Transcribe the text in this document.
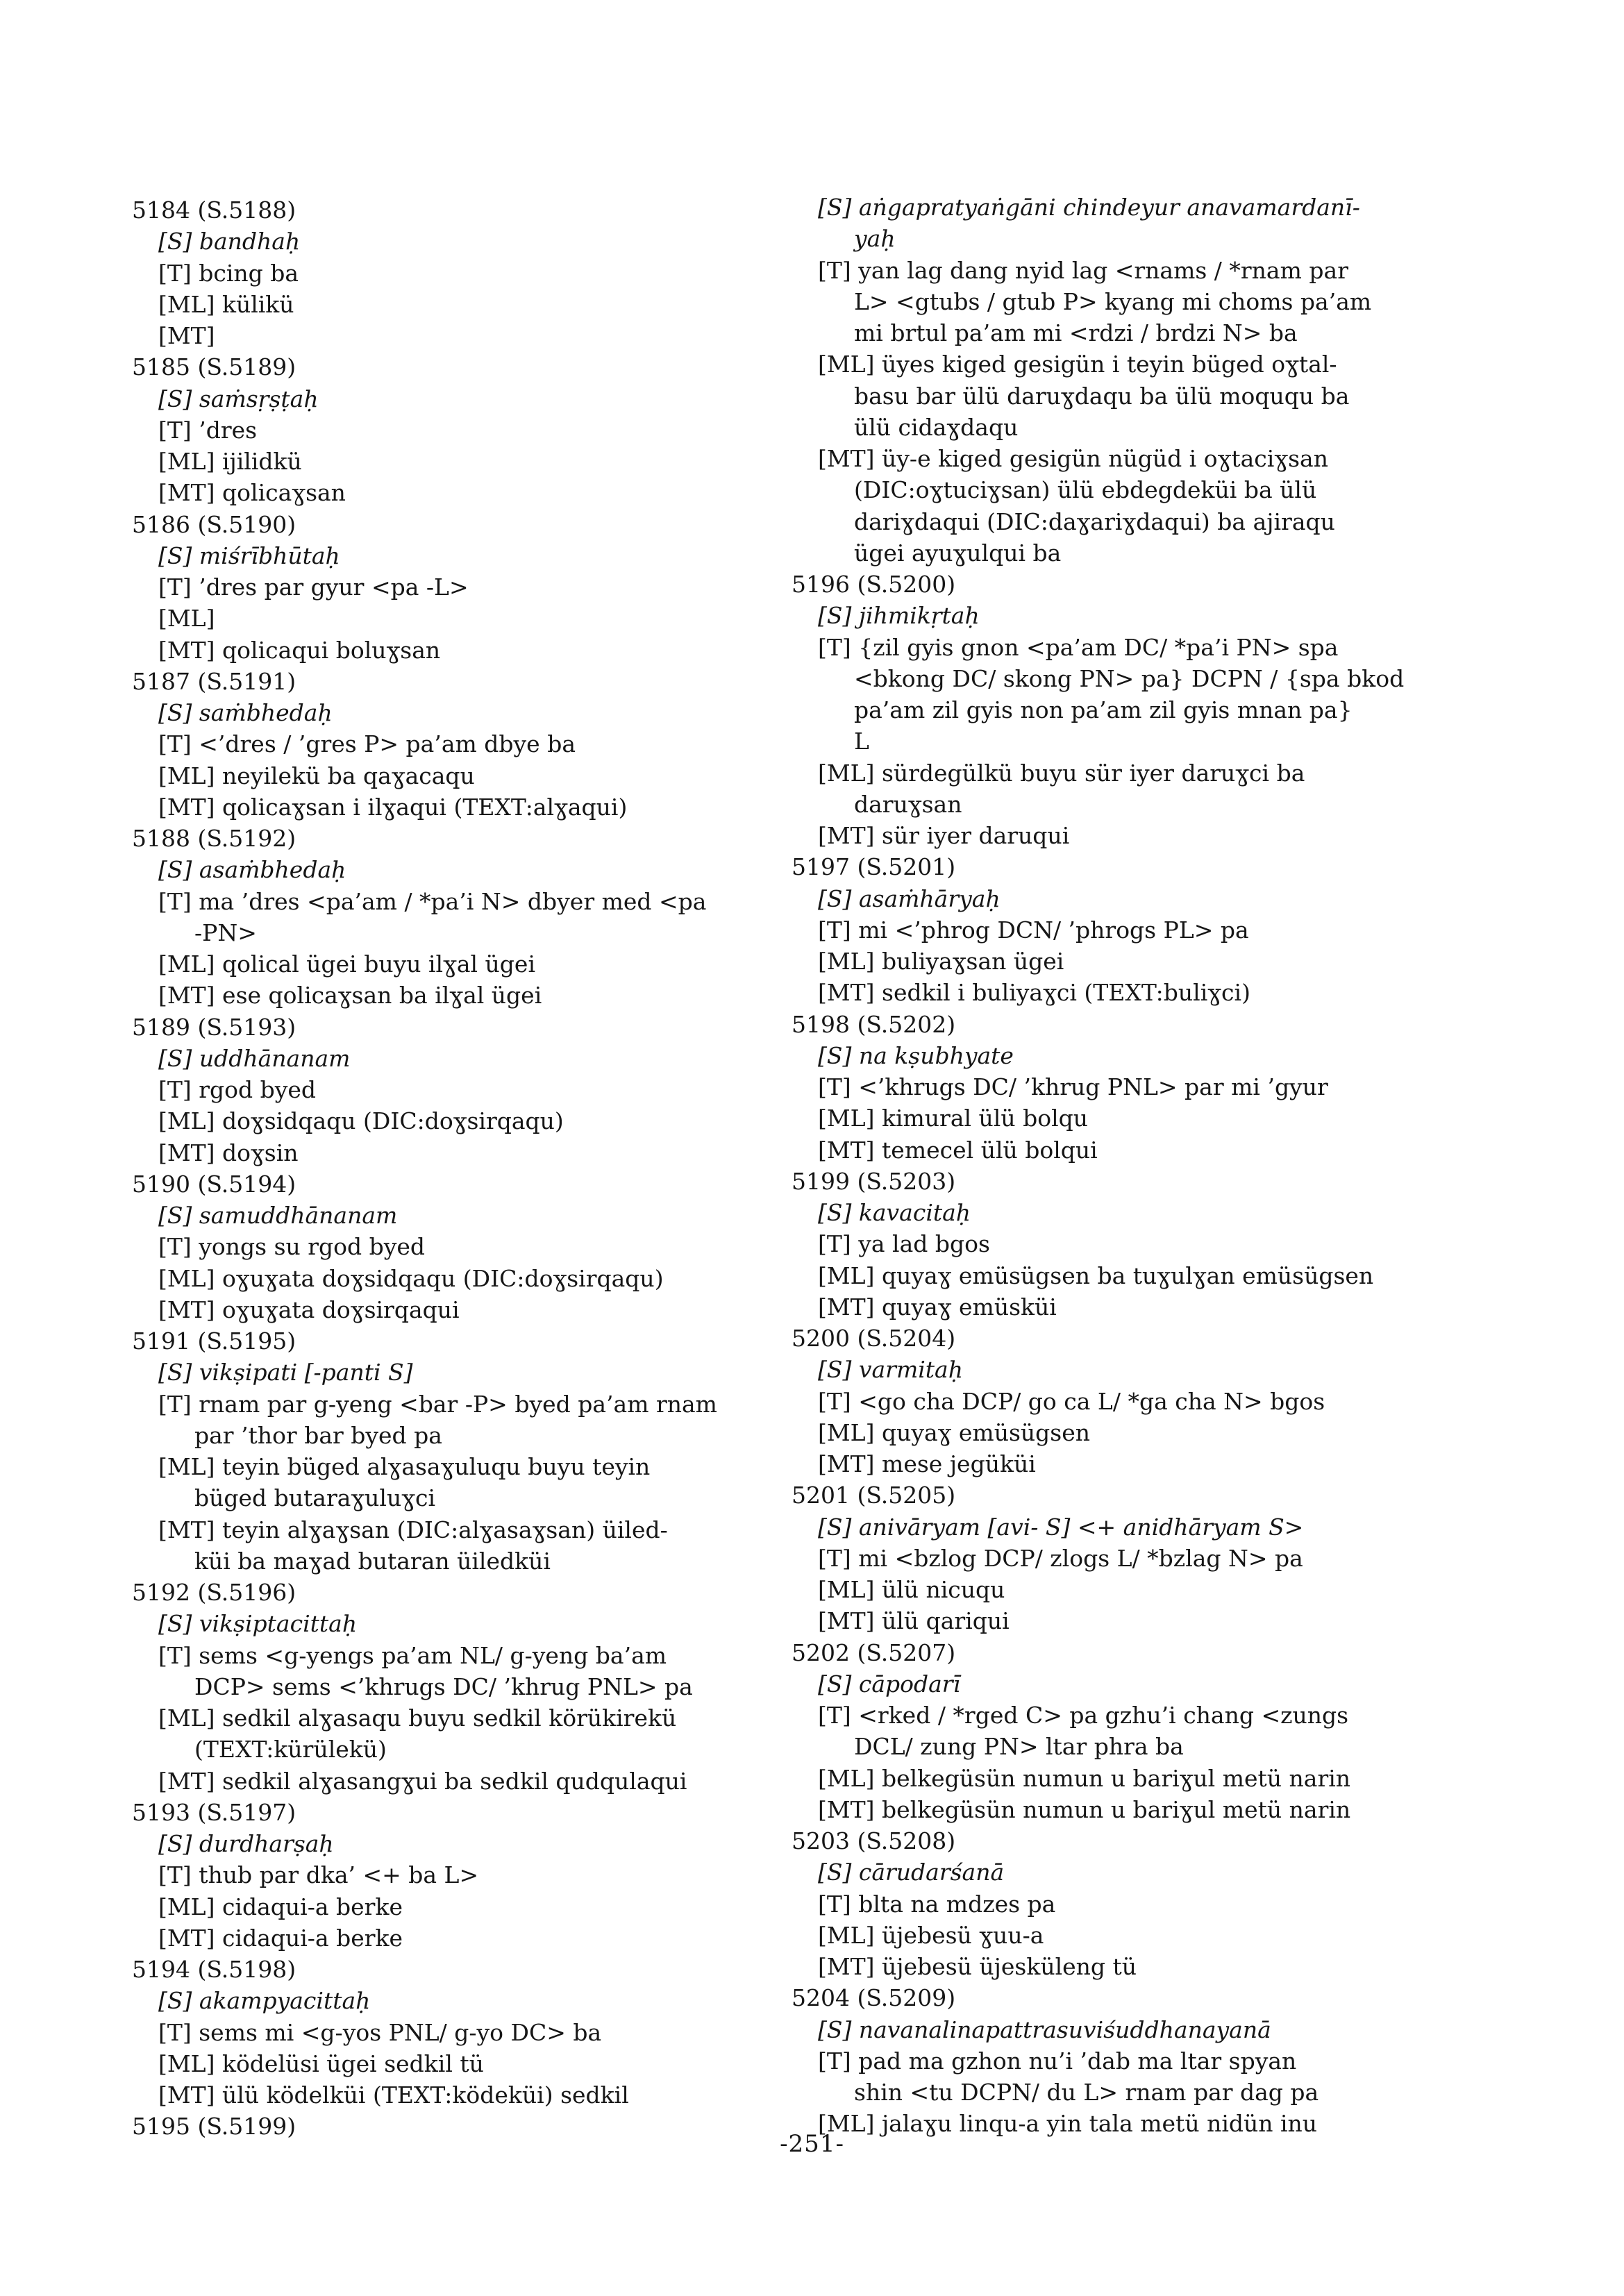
5184 (S.5188)
[S] bandhaḥ
[T] bcing ba
[ML] külikü
[MT]
5185 (S.5189)
[S] saṁsṛṣṭaḥ
[T] ’dres
[ML] ijilidkü
[MT] qolicaɣsan
5186 (S.5190)
[S] miśrībhūtaḥ
[T] ’dres par gyur <pa -L>
[ML]
[MT] qolicaqui boluɣsan
5187 (S.5191)
[S] saṁbhedaḥ
[T] <’dres / ’gres P> pa’am dbye ba
[ML] neyilekü ba qaɣacaqu
[MT] qolicaɣsan i ilɣaqui (TEXT:alɣaqui)
5188 (S.5192)
[S] asaṁbhedaḥ
[T] ma ’dres <pa’am / *pa’i N> dbyer med <pa
-PN>
[ML] qolical ügei buyu ilɣal ügei
[MT] ese qolicaɣsan ba ilɣal ügei
5189 (S.5193)
[S] uddhānanam
[T] rgod byed
[ML] doɣsidqaqu (DIC:doɣsirqaqu)
[MT] doɣsin
5190 (S.5194)
[S] samuddhānanam
[T] yongs su rgod byed
[ML] oɣuɣata doɣsidqaqu (DIC:doɣsirqaqu)
[MT] oɣuɣata doɣsirqaqui
5191 (S.5195)
[S] vikṣipati [-panti S]
[T] rnam par g-yeng <bar -P> byed pa’am rnam
par ’thor bar byed pa
[ML] teyin büged alɣasaɣuluqu buyu teyin
büged butaraɣuluɣci
[MT] teyin alɣaɣsan (DIC:alɣasaɣsan) üiled-
küi ba maɣad butaran üiledküi
5192 (S.5196)
[S] vikṣiptacittaḥ
[T] sems <g-yengs pa’am NL/ g-yeng ba’am
DCP> sems <’khrugs DC/ ’khrug PNL> pa
[ML] sedkil alɣasaqu buyu sedkil körükirekü
(TEXT:kürülekü)
[MT] sedkil alɣasangɣui ba sedkil qudqulaqui
5193 (S.5197)
[S] durdharṣaḥ
[T] thub par dka’ <+ ba L>
[ML] cidaqui-a berke
[MT] cidaqui-a berke
5194 (S.5198)
[S] akampyacittaḥ
[T] sems mi <g-yos PNL/ g-yo DC> ba
[ML] ködelüsi ügei sedkil tü
[MT] ülü ködelküi (TEXT:ködeküi) sedkil
5195 (S.5199)
[S] aṅgapratyaṅgāni chindeyur anavamardanī-
yaḥ
[T] yan lag dang nyid lag <rnams / *rnam par
L> <gtubs / gtub P> kyang mi choms pa’am
mi brtul pa’am mi <rdzi / brdzi N> ba
[ML] üyes kiged gesigün i teyin büged oɣtal-
basu bar ülü daruɣdaqu ba ülü moququ ba
ülü cidaɣdaqu
[MT] üy-e kiged gesigün nügüd i oɣtaciɣsan
(DIC:oɣtuciɣsan) ülü ebdegdeküi ba ülü
dariɣdaqui (DIC:daɣariɣdaqui) ba ajiraqu
ügei ayuɣulqui ba
5196 (S.5200)
[S] jihmikṛtaḥ
[T] {zil gyis gnon <pa’am DC/ *pa’i PN> spa
<bkong DC/ skong PN> pa} DCPN / {spa bkod
pa’am zil gyis non pa’am zil gyis mnan pa}
L
[ML] sürdegülkü buyu sür iyer daruɣci ba
daruɣsan
[MT] sür iyer daruqui
5197 (S.5201)
[S] asaṁhāryaḥ
[T] mi <’phrog DCN/ ’phrogs PL> pa
[ML] buliyaɣsan ügei
[MT] sedkil i buliyaɣci (TEXT:buliɣci)
5198 (S.5202)
[S] na kṣubhyate
[T] <’khrugs DC/ ’khrug PNL> par mi ’gyur
[ML] kimural ülü bolqu
[MT] temecel ülü bolqui
5199 (S.5203)
[S] kavacitaḥ
[T] ya lad bgos
[ML] quyaɣ emüsügsen ba tuɣulɣan emüsügsen
[MT] quyaɣ emüsküi
5200 (S.5204)
[S] varmitaḥ
[T] <go cha DCP/ go ca L/ *ga cha N> bgos
[ML] quyaɣ emüsügsen
[MT] mese jegüküi
5201 (S.5205)
[S] anivāryam [avi- S] <+ anidhāryam S>
[T] mi <bzlog DCP/ zlogs L/ *bzlag N> pa
[ML] ülü nicuqu
[MT] ülü qariqui
5202 (S.5207)
[S] cāpodarī
[T] <rked / *rged C> pa gzhu’i chang <zungs
DCL/ zung PN> ltar phra ba
[ML] belkegüsün numun u bariɣul metü narin
[MT] belkegüsün numun u bariɣul metü narin
5203 (S.5208)
[S] cārudarśanā
[T] blta na mdzes pa
[ML] üjebesü ɣuu-a
[MT] üjebesü üjesküleng tü
5204 (S.5209)
[S] navanalinapattrasuviśuddhanayanā
[T] pad ma gzhon nu’i ’dab ma ltar spyan
shin <tu DCPN/ du L> rnam par dag pa
[ML] jalaɣu linqu-a yin tala metü nidün inu
-251-
